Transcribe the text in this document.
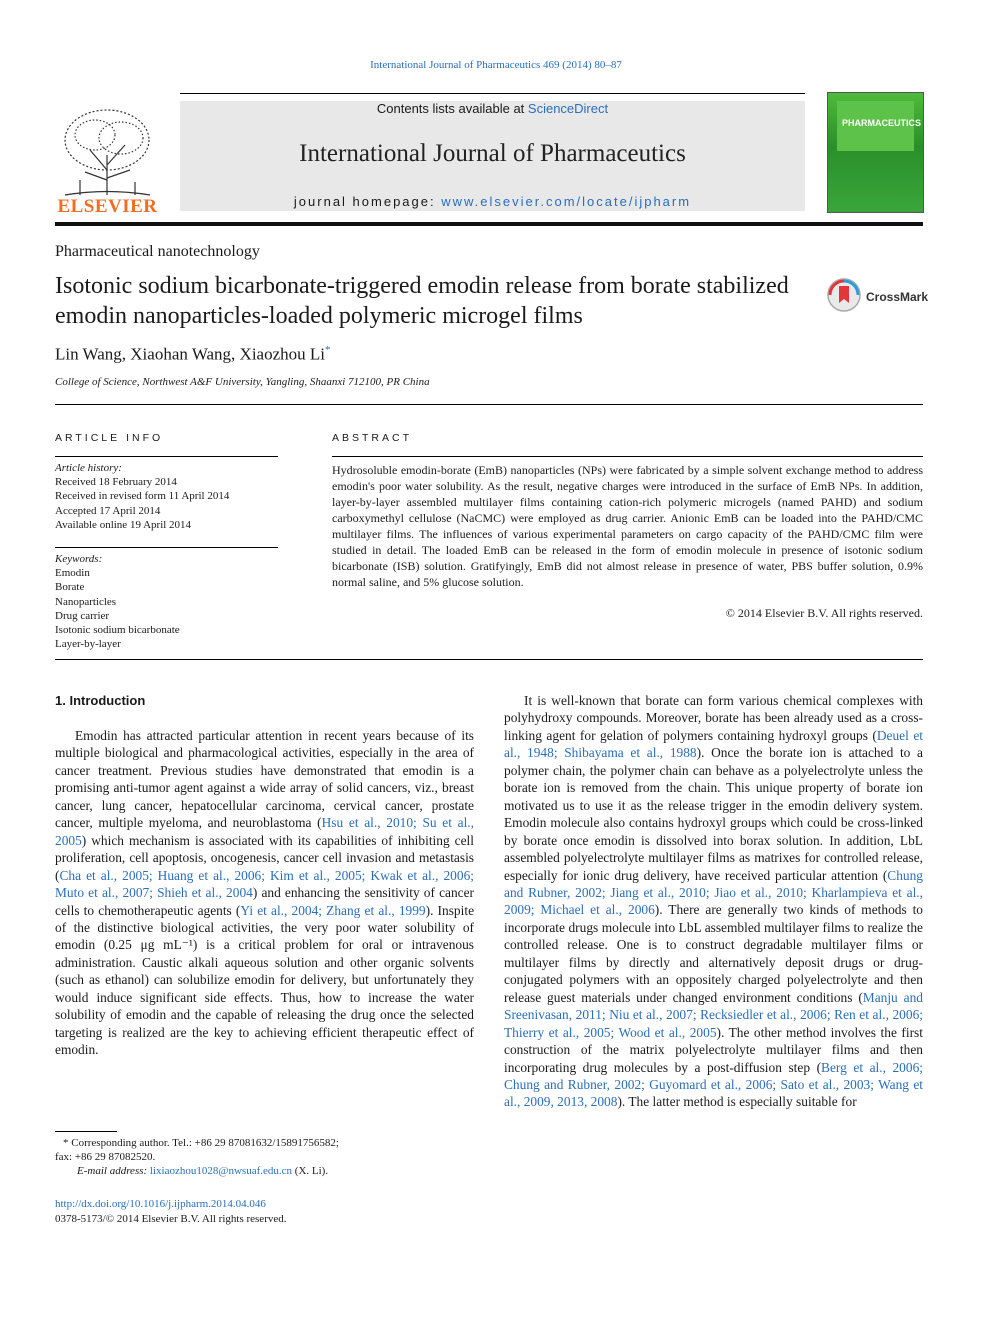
International Journal of Pharmaceutics 469 (2014) 80–87
ELSEVIER
Contents lists available at ScienceDirect
International Journal of Pharmaceutics
journal homepage: www.elsevier.com/locate/ijpharm
PHARMACEUTICS
Pharmaceutical nanotechnology
Isotonic sodium bicarbonate-triggered emodin release from borate stabilized emodin nanoparticles-loaded polymeric microgel films
CrossMark
Lin Wang, Xiaohan Wang, Xiaozhou Li*
College of Science, Northwest A&F University, Yangling, Shaanxi 712100, PR China
ARTICLE INFO
Article history:
Received 18 February 2014
Received in revised form 11 April 2014
Accepted 17 April 2014
Available online 19 April 2014
Keywords:
Emodin
Borate
Nanoparticles
Drug carrier
Isotonic sodium bicarbonate
Layer-by-layer
ABSTRACT
Hydrosoluble emodin-borate (EmB) nanoparticles (NPs) were fabricated by a simple solvent exchange method to address emodin's poor water solubility. As the result, negative charges were introduced in the surface of EmB NPs. In addition, layer-by-layer assembled multilayer films containing cation-rich polymeric microgels (named PAHD) and sodium carboxymethyl cellulose (NaCMC) were employed as drug carrier. Anionic EmB can be loaded into the PAHD/CMC multilayer films. The influences of various experimental parameters on cargo capacity of the PAHD/CMC film were studied in detail. The loaded EmB can be released in the form of emodin molecule in presence of isotonic sodium bicarbonate (ISB) solution. Gratifyingly, EmB did not almost release in presence of water, PBS buffer solution, 0.9% normal saline, and 5% glucose solution.
© 2014 Elsevier B.V. All rights reserved.
1. Introduction

Emodin has attracted particular attention in recent years because of its multiple biological and pharmacological activities, especially in the area of cancer treatment. Previous studies have demonstrated that emodin is a promising anti-tumor agent against a wide array of solid cancers, viz., breast cancer, lung cancer, hepatocellular carcinoma, cervical cancer, prostate cancer, multiple myeloma, and neuroblastoma (Hsu et al., 2010; Su et al., 2005) which mechanism is associated with its capabilities of inhibiting cell proliferation, cell apoptosis, oncogenesis, cancer cell invasion and metastasis (Cha et al., 2005; Huang et al., 2006; Kim et al., 2005; Kwak et al., 2006; Muto et al., 2007; Shieh et al., 2004) and enhancing the sensitivity of cancer cells to chemotherapeutic agents (Yi et al., 2004; Zhang et al., 1999). Inspite of the distinctive biological activities, the very poor water solubility of emodin (0.25 μg mL⁻¹) is a critical problem for oral or intravenous administration. Caustic alkali aqueous solution and other organic solvents (such as ethanol) can solubilize emodin for delivery, but unfortunately they would induce significant side effects. Thus, how to increase the water solubility of emodin and the capable of releasing the drug once the selected targeting is realized are the key to achieving efficient therapeutic effect of emodin.

It is well-known that borate can form various chemical complexes with polyhydroxy compounds. Moreover, borate has been already used as a cross-linking agent for gelation of polymers containing hydroxyl groups (Deuel et al., 1948; Shibayama et al., 1988). Once the borate ion is attached to a polymer chain, the polymer chain can behave as a polyelectrolyte unless the borate ion is removed from the chain. This unique property of borate ion motivated us to use it as the release trigger in the emodin delivery system. Emodin molecule also contains hydroxyl groups which could be cross-linked by borate once emodin is dissolved into borax solution. In addition, LbL assembled polyelectrolyte multilayer films as matrixes for controlled release, especially for ionic drug delivery, have received particular attention (Chung and Rubner, 2002; Jiang et al., 2010; Jiao et al., 2010; Kharlampieva et al., 2009; Michael et al., 2006). There are generally two kinds of methods to incorporate drugs molecule into LbL assembled multilayer films to realize the controlled release. One is to construct degradable multilayer films or multilayer films by directly and alternatively deposit drugs or drug-conjugated polymers with an oppositely charged polyelectrolyte and then release guest materials under changed environment conditions (Manju and Sreenivasan, 2011; Niu et al., 2007; Recksiedler et al., 2006; Ren et al., 2006; Thierry et al., 2005; Wood et al., 2005). The other method involves the first construction of the matrix polyelectrolyte multilayer films and then incorporating drug molecules by a post-diffusion step (Berg et al., 2006; Chung and Rubner, 2002; Guyomard et al., 2006; Sato et al., 2003; Wang et al., 2009, 2013, 2008). The latter method is especially suitable for

* Corresponding author. Tel.: +86 29 87081632/15891756582;
fax: +86 29 87082520.
E-mail address: lixiaozhou1028@nwsuaf.edu.cn (X. Li).
http://dx.doi.org/10.1016/j.ijpharm.2014.04.046
0378-5173/© 2014 Elsevier B.V. All rights reserved.
